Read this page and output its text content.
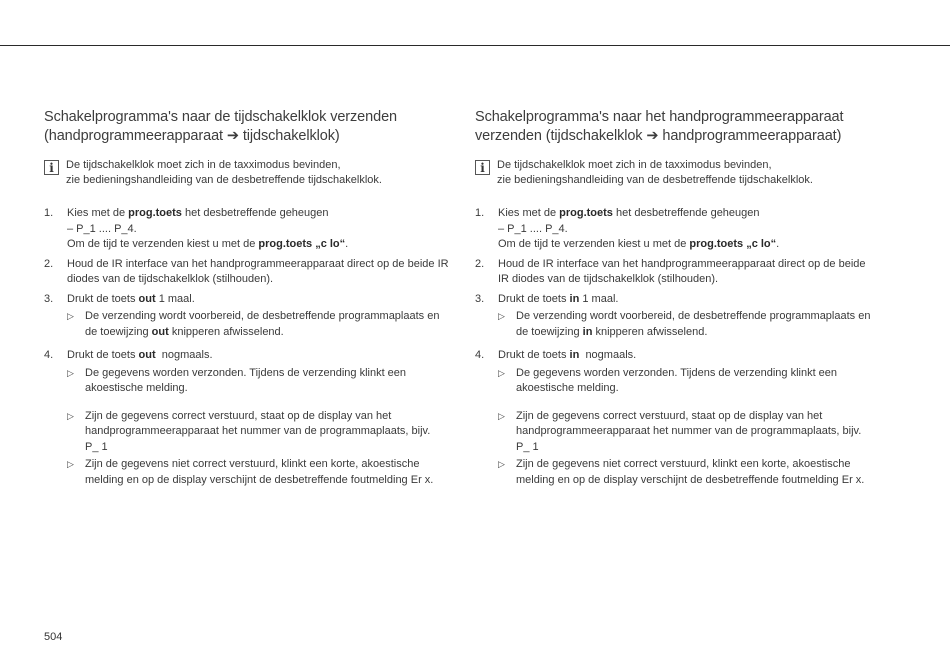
Schakelprogramma's naar de tijdschakelklok verzenden
(handprogrammeerapparaat ➔ tijdschakelklok)
i De tijdschakelklok moet zich in de taxximodus bevinden,
zie bedieningshandleiding van de desbetreffende tijdschakelklok.
1.	Kies met de prog.toets het desbetreffende geheugen
– P_1 .... P_4.
Om de tijd te verzenden kiest u met de prog.toets „c lo“.
2.	Houd de IR interface van het handprogrammeerapparaat direct op de beide IR
diodes van de tijdschakelklok (stilhouden).
3.	Drukt de toets out 1 maal.
▷	De verzending wordt voorbereid, de desbetreffende programmaplaats en
de toewijzing out knipperen afwisselend.
4.	Drukt de toets out  nogmaals.
▷	De gegevens worden verzonden. Tijdens de verzending klinkt een
akoestische melding.
▷	Zijn de gegevens correct verstuurd, staat op de display van het
handprogrammeerapparaat het nummer van de programmaplaats, bijv.
P_ 1
▷	Zijn de gegevens niet correct verstuurd, klinkt een korte, akoestische
melding en op de display verschijnt de desbetreffende foutmelding Er x.
Schakelprogramma's naar het handprogrammeerapparaat
verzenden (tijdschakelklok ➔ handprogrammeerapparaat)
i De tijdschakelklok moet zich in de taxximodus bevinden,
zie bedieningshandleiding van de desbetreffende tijdschakelklok.
1.	Kies met de prog.toets het desbetreffende geheugen
– P_1 .... P_4.
Om de tijd te verzenden kiest u met de prog.toets „c lo“.
2.	Houd de IR interface van het handprogrammeerapparaat direct op de beide
IR diodes van de tijdschakelklok (stilhouden).
3.	Drukt de toets in 1 maal.
▷	De verzending wordt voorbereid, de desbetreffende programmaplaats en
de toewijzing in knipperen afwisselend.
4.	Drukt de toets in  nogmaals.
▷	De gegevens worden verzonden. Tijdens de verzending klinkt een
akoestische melding.
▷	Zijn de gegevens correct verstuurd, staat op de display van het
handprogrammeerapparaat het nummer van de programmaplaats, bijv.
P_ 1
▷	Zijn de gegevens niet correct verstuurd, klinkt een korte, akoestische
melding en op de display verschijnt de desbetreffende foutmelding Er x.
504
